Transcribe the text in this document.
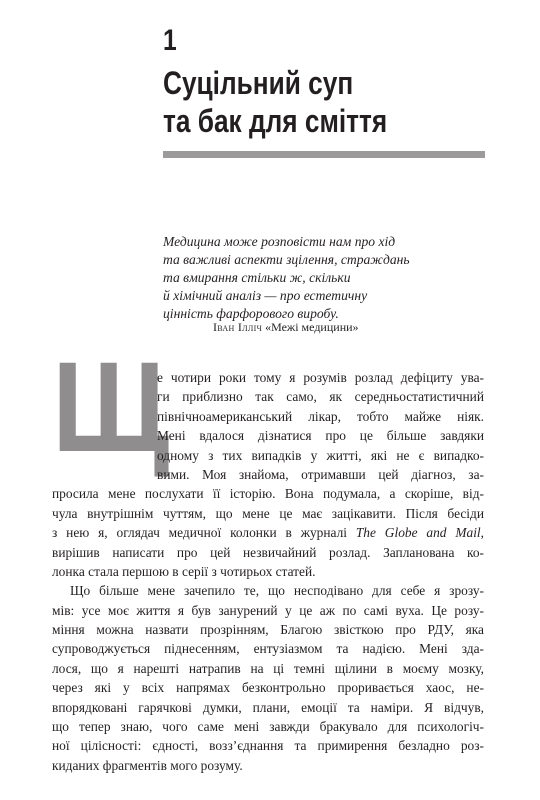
1
Суцільний суп
та бак для сміття
Медицина може розповісти нам про хід
та важливі аспекти зцілення, страждань
та вмирання стільки ж, скільки
й хімічний аналіз — про естетичну
цінність фарфорового виробу.
Іван Ілліч «Межі медицини»
Щ
е чотири роки тому я розумів розлад дефіциту ува-
ги приблизно так само, як середньостатистичний
північноамериканський лікар, тобто майже ніяк.
Мені вдалося дізнатися про це більше завдяки
одному з тих випадків у житті, які не є випадко-
вими. Моя знайома, отримавши цей діагноз, за-
просила мене послухати її історію. Вона подумала, а скоріше, від-
чула внутрішнім чуттям, що мене це має зацікавити. Після бесіди
з нею я, оглядач медичної колонки в журналі The Globe and Mail,
вирішив написати про цей незвичайний розлад. Запланована ко-
лонка стала першою в серії з чотирьох статей.
Що більше мене зачепило те, що несподівано для себе я зрозу-
мів: усе моє життя я був занурений у це аж по самі вуха. Це розу-
міння можна назвати прозрінням, Благою звісткою про РДУ, яка
супроводжується піднесенням, ентузіазмом та надією. Мені зда-
лося, що я нарешті натрапив на ці темні щілини в моєму мозку,
через які у всіх напрямах безконтрольно проривається хаос, не-
впорядковані гарячкові думки, плани, емоції та наміри. Я відчув,
що тепер знаю, чого саме мені завжди бракувало для психологіч-
ної цілісності: єдності, возз’єднання та примирення безладно роз-
киданих фрагментів мого розуму.
